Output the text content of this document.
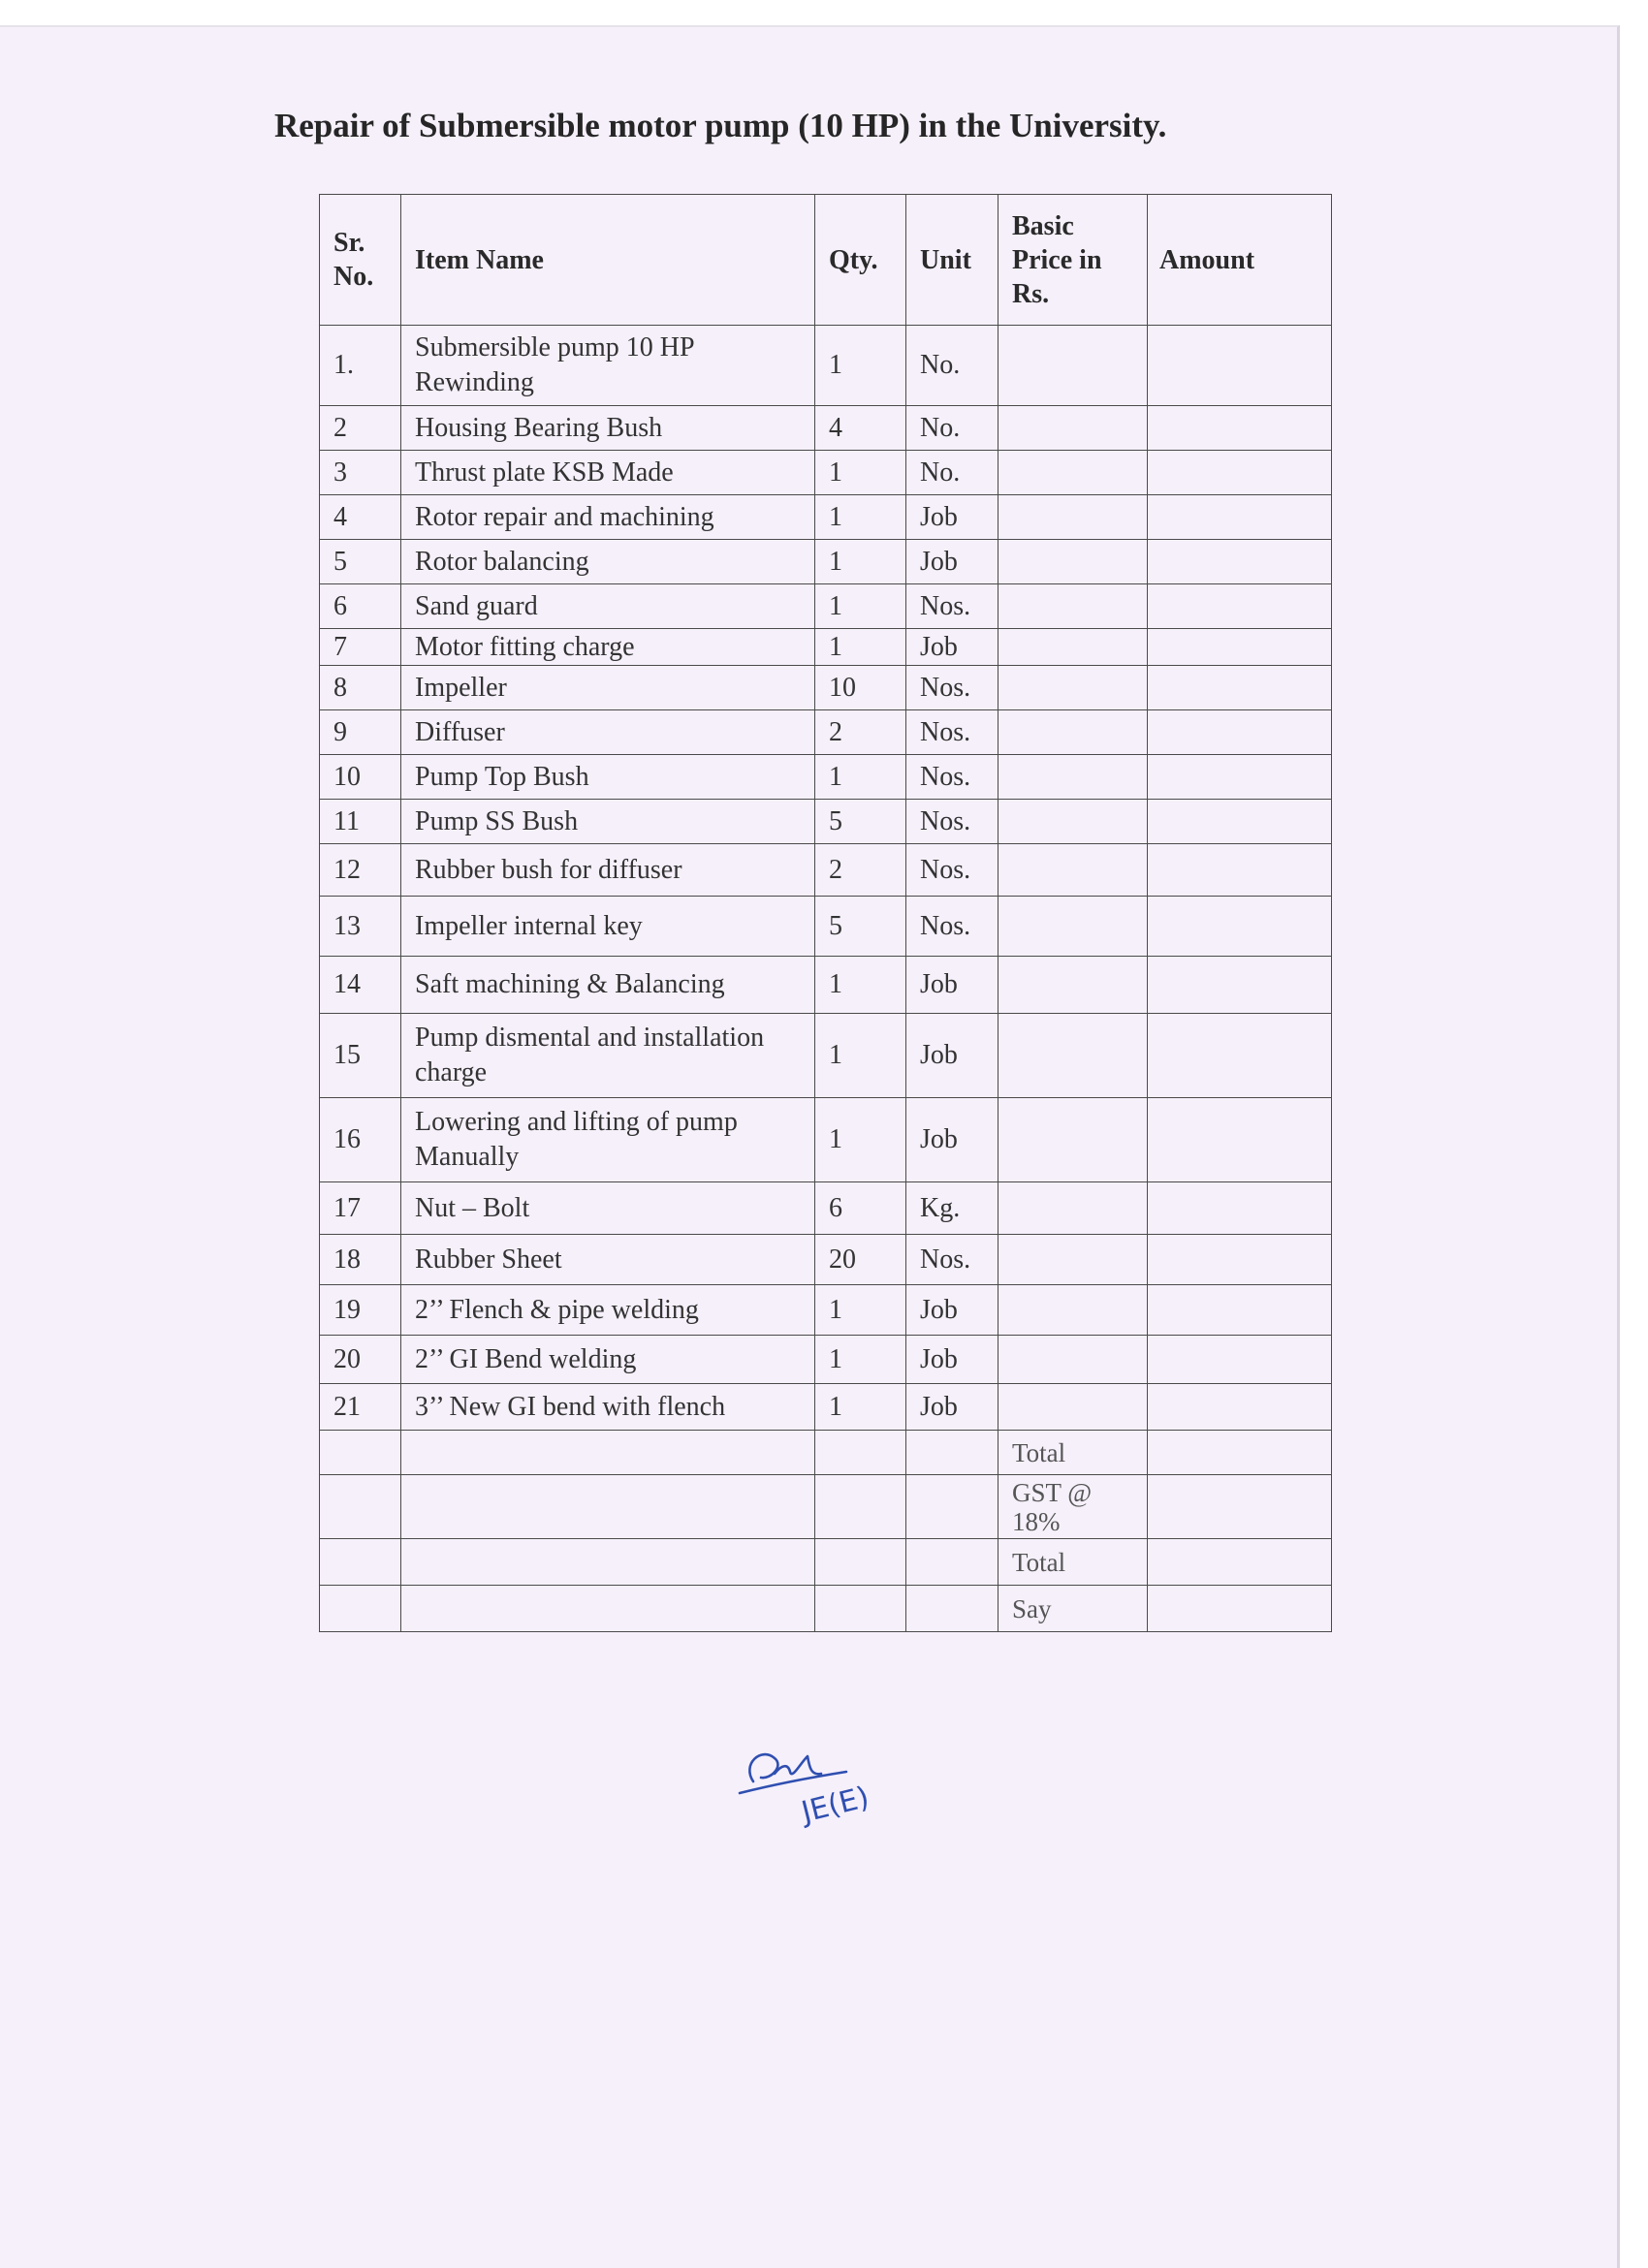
Repair of Submersible motor pump (10 HP) in the University.
Sr. No.	Item Name	Qty.	Unit	Basic Price in Rs.	Amount
1.	Submersible pump 10 HP Rewinding	1	No.		
2	Housing Bearing Bush	4	No.		
3	Thrust plate KSB Made	1	No.		
4	Rotor repair and machining	1	Job		
5	Rotor balancing	1	Job		
6	Sand guard	1	Nos.		
7	Motor fitting charge	1	Job		
8	Impeller	10	Nos.		
9	Diffuser	2	Nos.		
10	Pump Top Bush	1	Nos.		
11	Pump SS Bush	5	Nos.		
12	Rubber bush for diffuser	2	Nos.		
13	Impeller internal key	5	Nos.		
14	Saft machining & Balancing	1	Job		
15	Pump dismental and installation charge	1	Job		
16	Lowering and lifting of pump Manually	1	Job		
17	Nut – Bolt	6	Kg.		
18	Rubber Sheet	20	Nos.		
19	2’’ Flench & pipe welding	1	Job		
20	2’’ GI Bend welding	1	Job		
21	3’’ New GI bend with flench	1	Job		
				Total	
				GST @ 18%	
				Total	
				Say	
JE(E)
